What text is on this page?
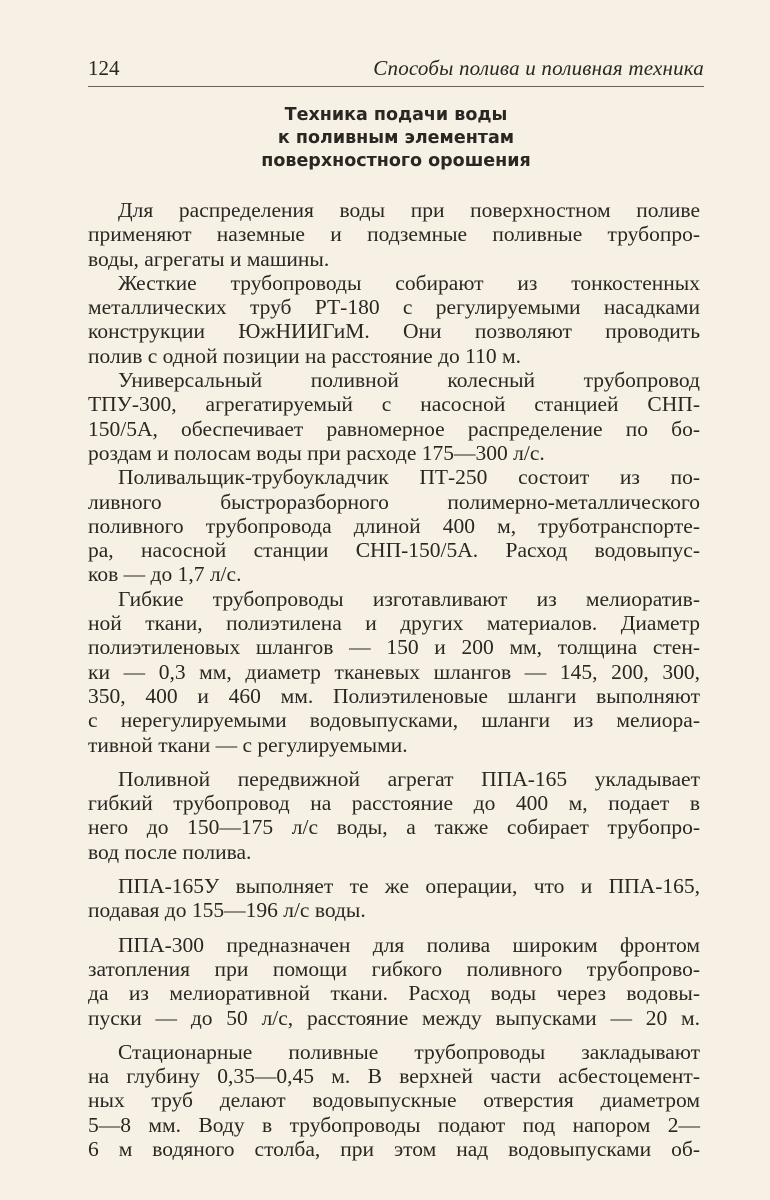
124	Способы полива и поливная техника
Техника подачи воды
к поливным элементам
поверхностного орошения
Для распределения воды при поверхностном поливе
применяют наземные и подземные поливные трубопро-
воды, агрегаты и машины.
Жесткие трубопроводы собирают из тонкостенных
металлических труб РТ-180 с регулируемыми насадками
конструкции ЮжНИИГиМ. Они позволяют проводить
полив с одной позиции на расстояние до 110 м.
Универсальный поливной колесный трубопровод
ТПУ-300, агрегатируемый с насосной станцией СНП-
150/5А, обеспечивает равномерное распределение по бо-
роздам и полосам воды при расходе 175—300 л/с.
Поливальщик-трубоукладчик ПТ-250 состоит из по-
ливного быстроразборного полимерно-металлического
поливного трубопровода длиной 400 м, труботранспорте-
ра, насосной станции СНП-150/5А. Расход водовыпус-
ков — до 1,7 л/с.
Гибкие трубопроводы изготавливают из мелиоратив-
ной ткани, полиэтилена и других материалов. Диаметр
полиэтиленовых шлангов — 150 и 200 мм, толщина стен-
ки — 0,3 мм, диаметр тканевых шлангов — 145, 200, 300,
350, 400 и 460 мм. Полиэтиленовые шланги выполняют
с нерегулируемыми водовыпусками, шланги из мелиора-
тивной ткани — с регулируемыми.
Поливной передвижной агрегат ППА-165 укладывает
гибкий трубопровод на расстояние до 400 м, подает в
него до 150—175 л/с воды, а также собирает трубопро-
вод после полива.
ППА-165У выполняет те же операции, что и ППА-165,
подавая до 155—196 л/с воды.
ППА-300 предназначен для полива широким фронтом
затопления при помощи гибкого поливного трубопрово-
да из мелиоративной ткани. Расход воды через водовы-
пуски — до 50 л/с, расстояние между выпусками — 20 м.
Стационарные поливные трубопроводы закладывают
на глубину 0,35—0,45 м. В верхней части асбестоцемент-
ных труб делают водовыпускные отверстия диаметром
5—8 мм. Воду в трубопроводы подают под напором 2—
6 м водяного столба, при этом над водовыпусками об-
